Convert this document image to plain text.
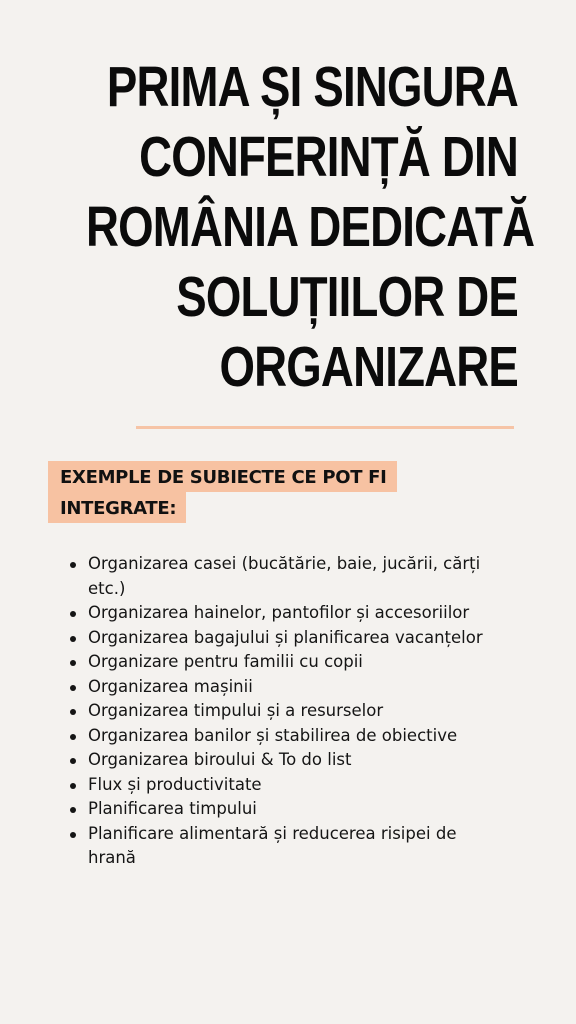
PRIMA ȘI SINGURA
CONFERINȚĂ DIN
ROMÂNIA DEDICATĂ
SOLUȚIILOR DE
ORGANIZARE
EXEMPLE DE SUBIECTE CE POT FI
INTEGRATE:
Organizarea casei (bucătărie, baie, jucării, cărți etc.)
Organizarea hainelor, pantofilor și accesoriilor
Organizarea bagajului și planificarea vacanțelor
Organizare pentru familii cu copii
Organizarea mașinii
Organizarea timpului și a resurselor
Organizarea banilor și stabilirea de obiective
Organizarea biroului & To do list
Flux și productivitate
Planificarea timpului
Planificare alimentară și reducerea risipei de hrană
